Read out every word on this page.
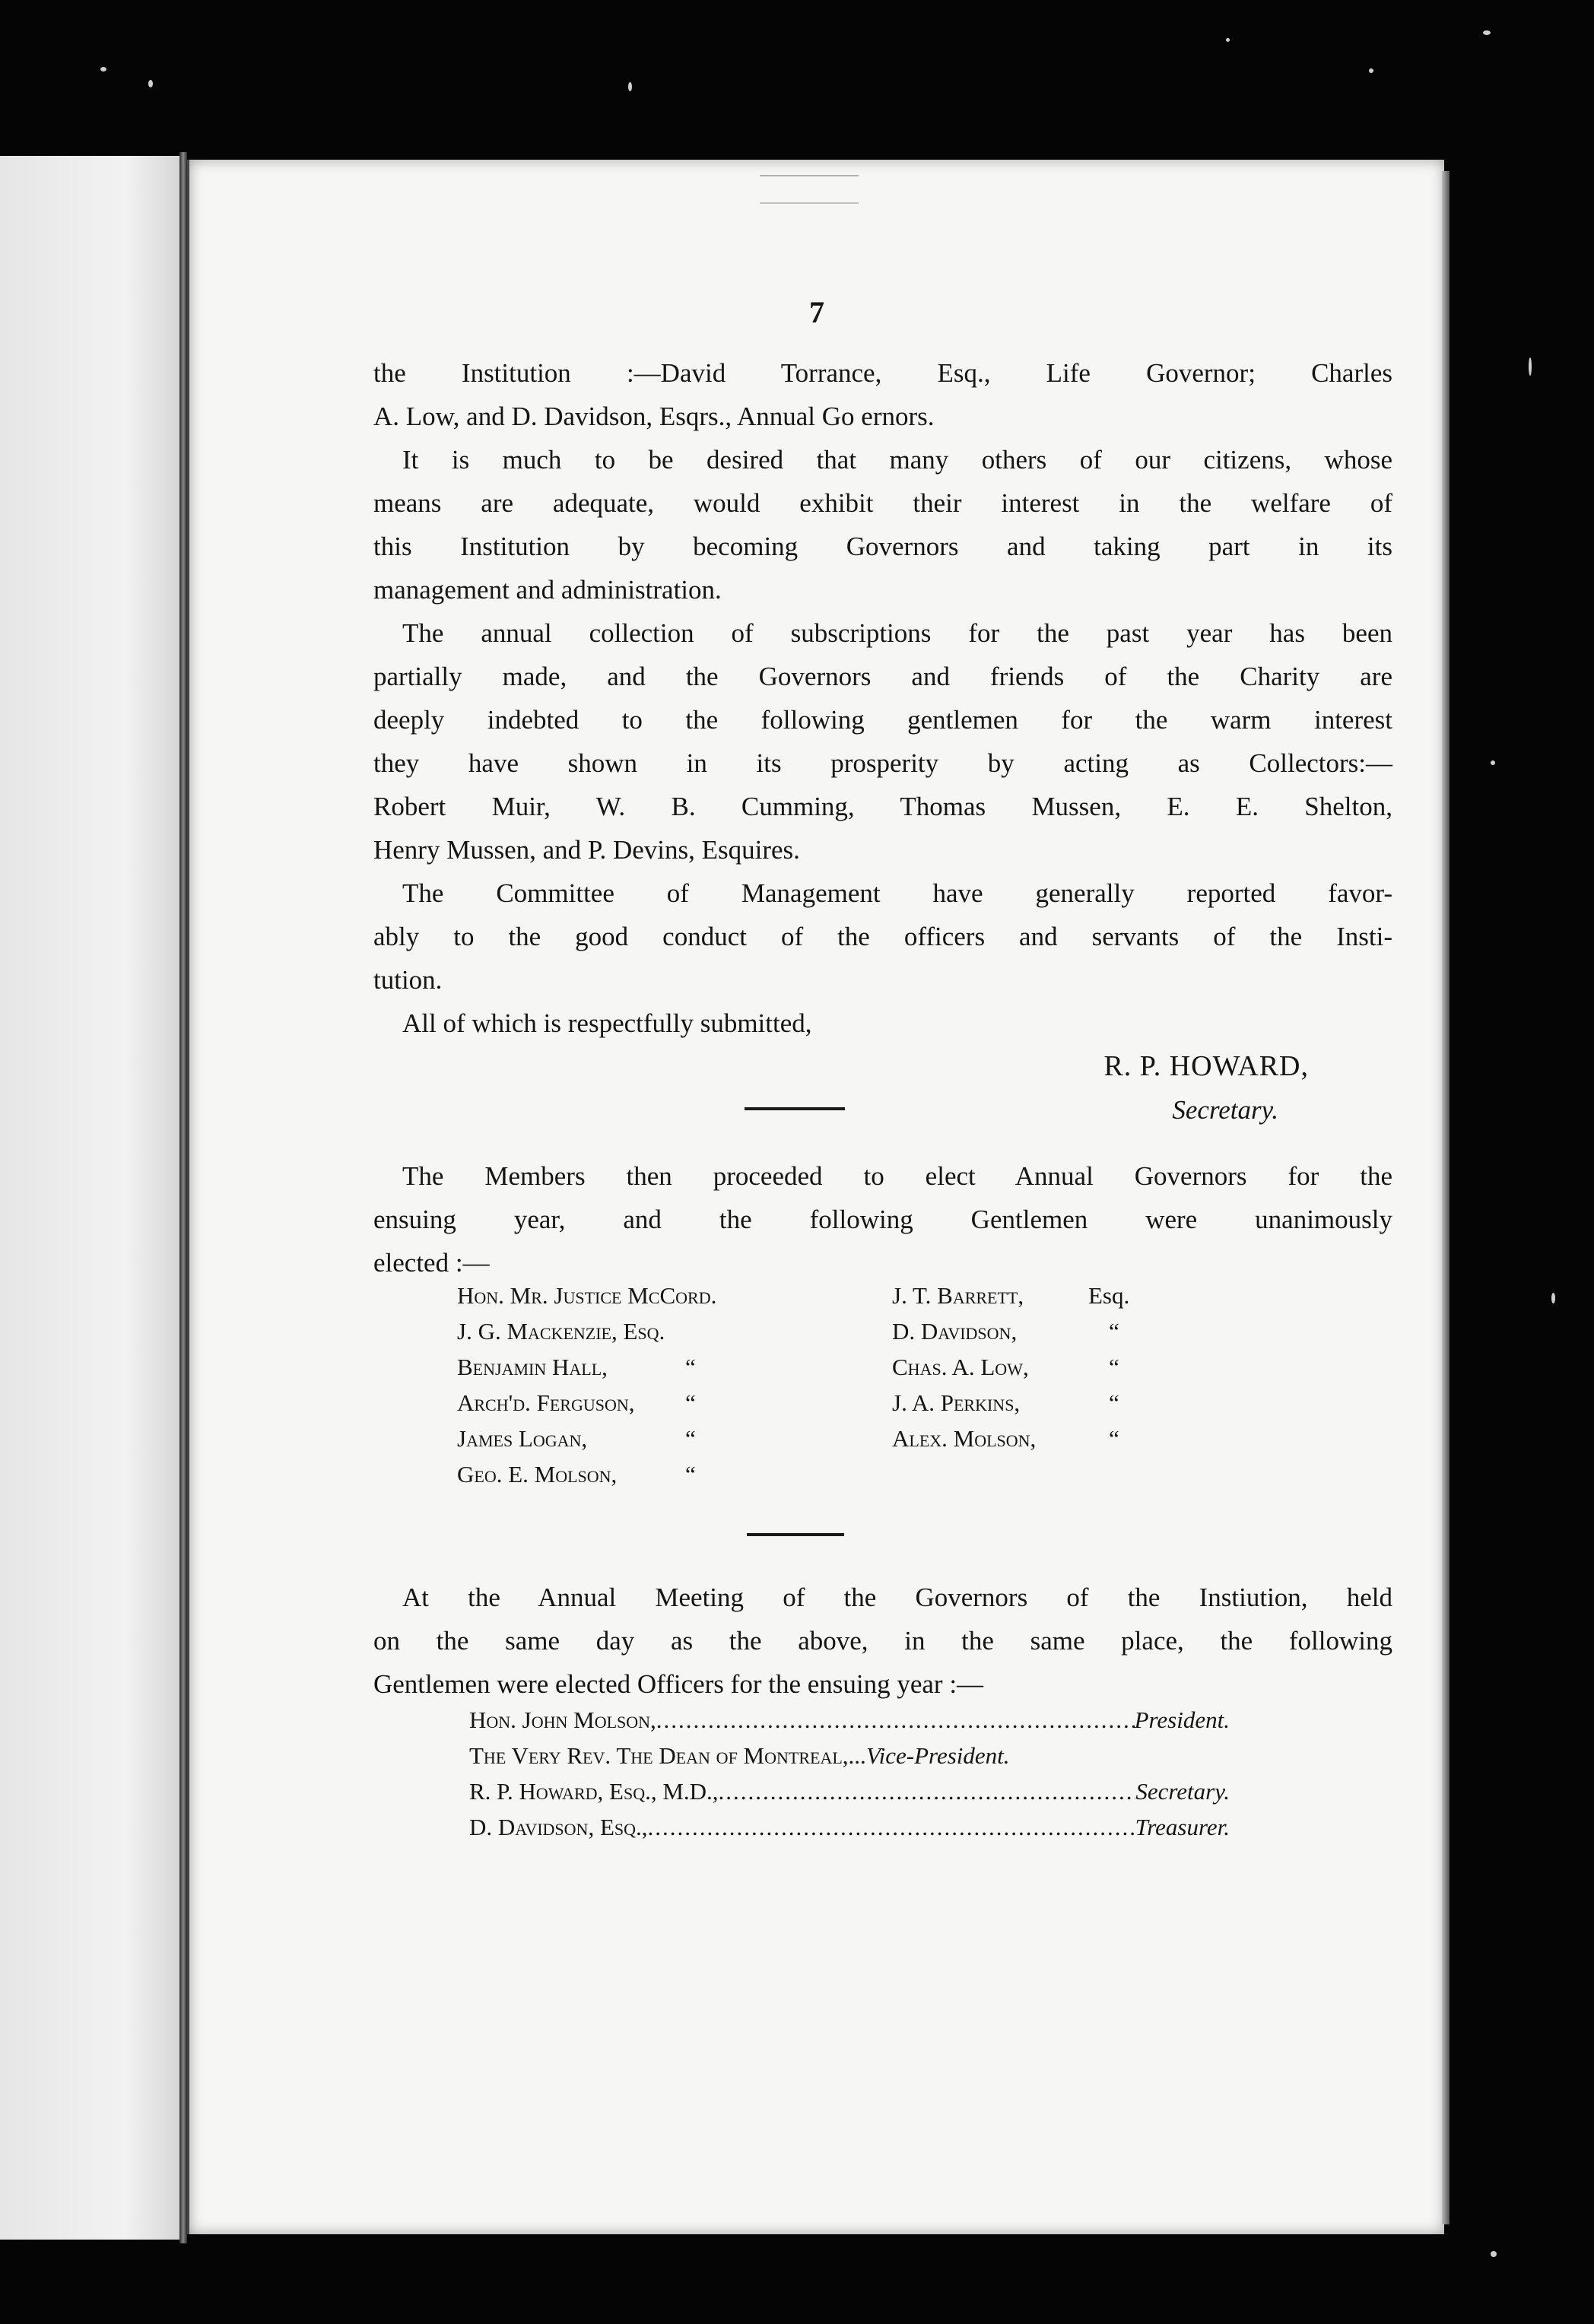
7

the Institution :—David Torrance, Esq., Life Governor; Charles
A. Low, and D. Davidson, Esqrs., Annual Go ernors.

It is much to be desired that many others of our citizens, whose
means are adequate, would exhibit their interest in the welfare of
this Institution by becoming Governors and taking part in its
management and administration.

The annual collection of subscriptions for the past year has been
partially made, and the Governors and friends of the Charity are
deeply indebted to the following gentlemen for the warm interest
they have shown in its prosperity by acting as Collectors:—
Robert Muir, W. B. Cumming, Thomas Mussen, E. E. Shelton,
Henry Mussen, and P. Devins, Esquires.

The Committee of Management have generally reported favor-
ably to the good conduct of the officers and servants of the Insti-
tution.

All of which is respectfully submitted,

R. P. HOWARD,
Secretary.

The Members then proceeded to elect Annual Governors for the
ensuing year, and the following Gentlemen were unanimously
elected :—

Hon. Mr. Justice McCord.
J. G. Mackenzie, Esq.
Benjamin Hall,	“
Arch'd. Ferguson, “
James Logan,	“
Geo. E. Molson,	“
J. T. Barrett,	Esq.
D. Davidson,	“
Chas. A. Low,	“
J. A. Perkins,	“
Alex. Molson,	“

At the Annual Meeting of the Governors of the Instiution, held
on the same day as the above, in the same place, the following
Gentlemen were elected Officers for the ensuing year :—

Hon. John Molson, .....	President.
The Very Rev. The Dean of Montreal,.. ..... Vice-President.
R. P. Howard, Esq., M.D., .....	Secretary.
D. Davidson, Esq., .....	Treasurer.
